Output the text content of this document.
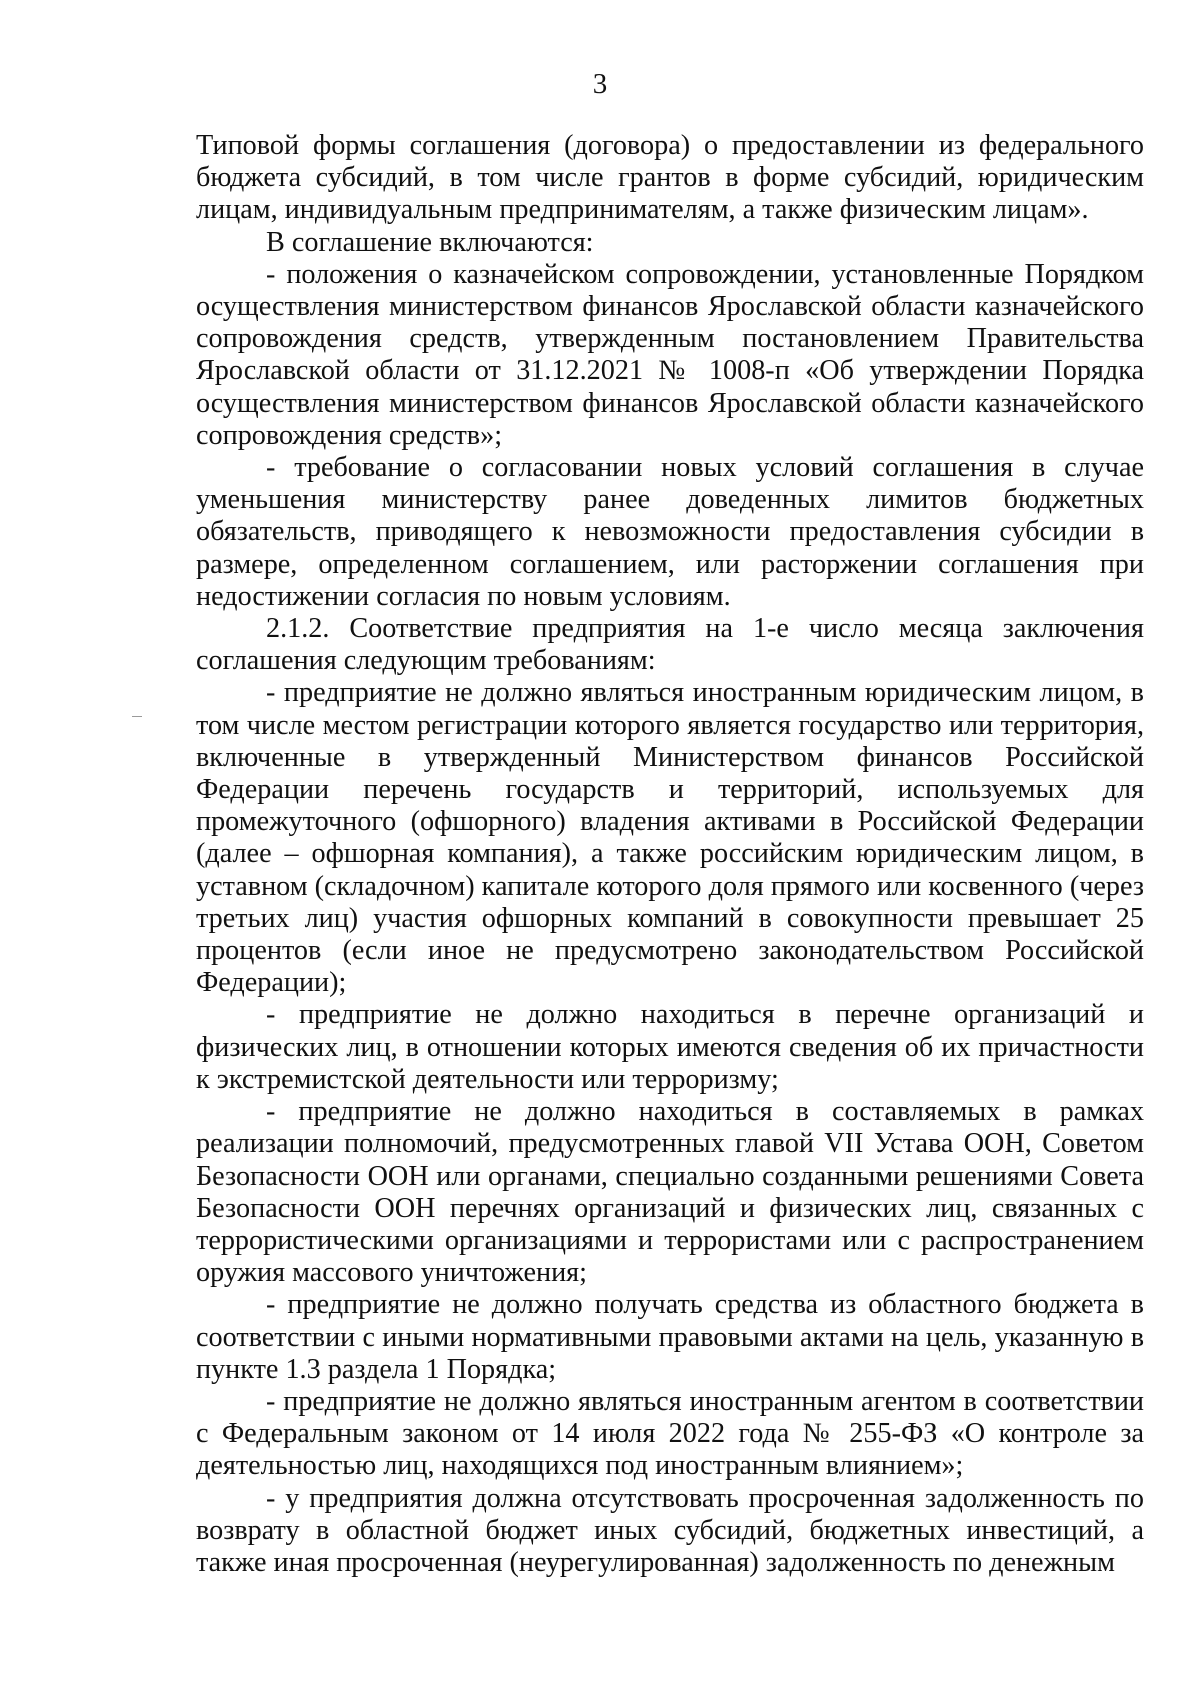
3

Типовой формы соглашения (договора) о предоставлении из федерального бюджета субсидий, в том числе грантов в форме субсидий, юридическим лицам, индивидуальным предпринимателям, а также физическим лицам».

В соглашение включаются:

- положения о казначейском сопровождении, установленные Порядком осуществления министерством финансов Ярославской области казначейского сопровождения средств, утвержденным постановлением Правительства Ярославской области от 31.12.2021 № 1008-п «Об утверждении Порядка осуществления министерством финансов Ярославской области казначейского сопровождения средств»;

- требование о согласовании новых условий соглашения в случае уменьшения министерству ранее доведенных лимитов бюджетных обязательств, приводящего к невозможности предоставления субсидии в размере, определенном соглашением, или расторжении соглашения при недостижении согласия по новым условиям.

2.1.2. Соответствие предприятия на 1-е число месяца заключения соглашения следующим требованиям:

- предприятие не должно являться иностранным юридическим лицом, в том числе местом регистрации которого является государство или территория, включенные в утвержденный Министерством финансов Российской Федерации перечень государств и территорий, используемых для промежуточного (офшорного) владения активами в Российской Федерации (далее – офшорная компания), а также российским юридическим лицом, в уставном (складочном) капитале которого доля прямого или косвенного (через третьих лиц) участия офшорных компаний в совокупности превышает 25 процентов (если иное не предусмотрено законодательством Российской Федерации);

- предприятие не должно находиться в перечне организаций и физических лиц, в отношении которых имеются сведения об их причастности к экстремистской деятельности или терроризму;

- предприятие не должно находиться в составляемых в рамках реализации полномочий, предусмотренных главой VII Устава ООН, Советом Безопасности ООН или органами, специально созданными решениями Совета Безопасности ООН перечнях организаций и физических лиц, связанных с террористическими организациями и террористами или с распространением оружия массового уничтожения;

- предприятие не должно получать средства из областного бюджета в соответствии с иными нормативными правовыми актами на цель, указанную в пункте 1.3 раздела 1 Порядка;

- предприятие не должно являться иностранным агентом в соответствии с Федеральным законом от 14 июля 2022 года № 255-ФЗ «О контроле за деятельностью лиц, находящихся под иностранным влиянием»;

- у предприятия должна отсутствовать просроченная задолженность по возврату в областной бюджет иных субсидий, бюджетных инвестиций, а также иная просроченная (неурегулированная) задолженность по денежным
